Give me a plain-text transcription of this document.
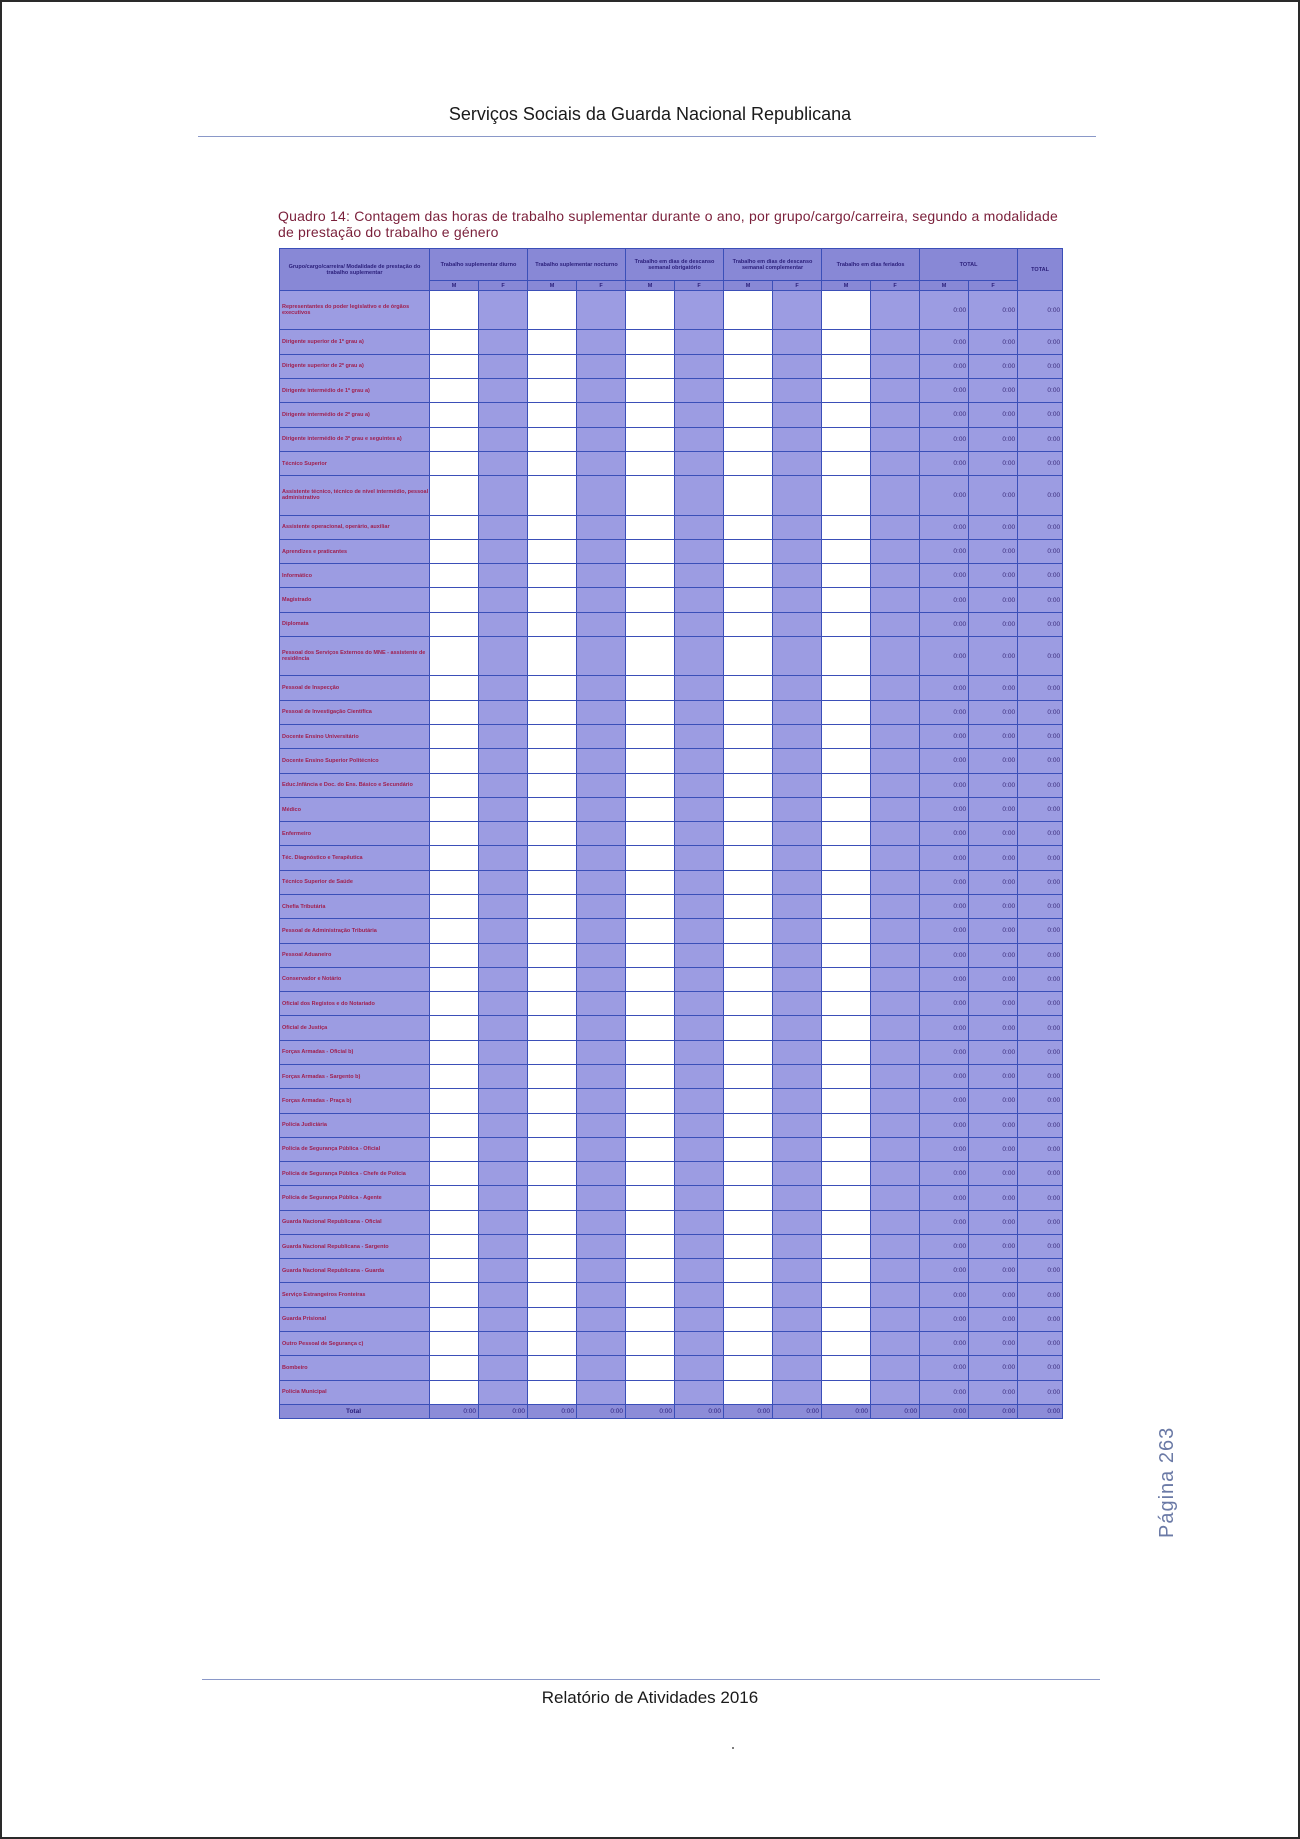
Serviços Sociais da Guarda Nacional Republicana
Quadro 14: Contagem das horas de trabalho suplementar durante o ano, por grupo/cargo/carreira, segundo a modalidade de prestação do trabalho e género
Grupo/cargo/carreira/ Modalidade de prestação do trabalho suplementar	Trabalho suplementar diurno		Trabalho suplementar nocturno		Trabalho em dias de descanso semanal obrigatório		Trabalho em dias de descanso semanal complementar		Trabalho em dias feriados		TOTAL		TOTAL
	M	F	M	F	M	F	M	F	M	F	M	F	
Representantes do poder legislativo e de órgãos executivos											0:00	0:00	0:00
Dirigente superior de 1º grau a)											0:00	0:00	0:00
Dirigente superior de 2º grau a)											0:00	0:00	0:00
Dirigente intermédio de 1º grau a)											0:00	0:00	0:00
Dirigente intermédio de 2º grau a)											0:00	0:00	0:00
Dirigente intermédio de 3º grau e seguintes a)											0:00	0:00	0:00
Técnico Superior											0:00	0:00	0:00
Assistente técnico, técnico de nível intermédio, pessoal administrativo											0:00	0:00	0:00
Assistente operacional, operário, auxiliar											0:00	0:00	0:00
Aprendizes e praticantes											0:00	0:00	0:00
Informático											0:00	0:00	0:00
Magistrado											0:00	0:00	0:00
Diplomata											0:00	0:00	0:00
Pessoal dos Serviços Externos do MNE - assistente de residência											0:00	0:00	0:00
Pessoal de Inspecção											0:00	0:00	0:00
Pessoal de Investigação Científica											0:00	0:00	0:00
Docente Ensino Universitário											0:00	0:00	0:00
Docente Ensino Superior Politécnico											0:00	0:00	0:00
Educ.Infância e Doc. do Ens. Básico e Secundário											0:00	0:00	0:00
Médico											0:00	0:00	0:00
Enfermeiro											0:00	0:00	0:00
Téc. Diagnóstico e Terapêutica											0:00	0:00	0:00
Técnico Superior de Saúde											0:00	0:00	0:00
Chefia Tributária											0:00	0:00	0:00
Pessoal de Administração Tributária											0:00	0:00	0:00
Pessoal Aduaneiro											0:00	0:00	0:00
Conservador e Notário											0:00	0:00	0:00
Oficial dos Registos e do Notariado											0:00	0:00	0:00
Oficial de Justiça											0:00	0:00	0:00
Forças Armadas - Oficial b)											0:00	0:00	0:00
Forças Armadas - Sargento b)											0:00	0:00	0:00
Forças Armadas - Praça b)											0:00	0:00	0:00
Polícia Judiciária											0:00	0:00	0:00
Polícia de Segurança Pública - Oficial											0:00	0:00	0:00
Polícia de Segurança Pública - Chefe de Polícia											0:00	0:00	0:00
Polícia de Segurança Pública - Agente											0:00	0:00	0:00
Guarda Nacional Republicana - Oficial											0:00	0:00	0:00
Guarda Nacional Republicana - Sargento											0:00	0:00	0:00
Guarda Nacional Republicana - Guarda											0:00	0:00	0:00
Serviço Estrangeiros Fronteiras											0:00	0:00	0:00
Guarda Prisional											0:00	0:00	0:00
Outro Pessoal de Segurança c)											0:00	0:00	0:00
Bombeiro											0:00	0:00	0:00
Polícia Municipal											0:00	0:00	0:00
Total	0:00	0:00	0:00	0:00	0:00	0:00	0:00	0:00	0:00	0:00	0:00	0:00	0:00
Página 263
Relatório de Atividades 2016
